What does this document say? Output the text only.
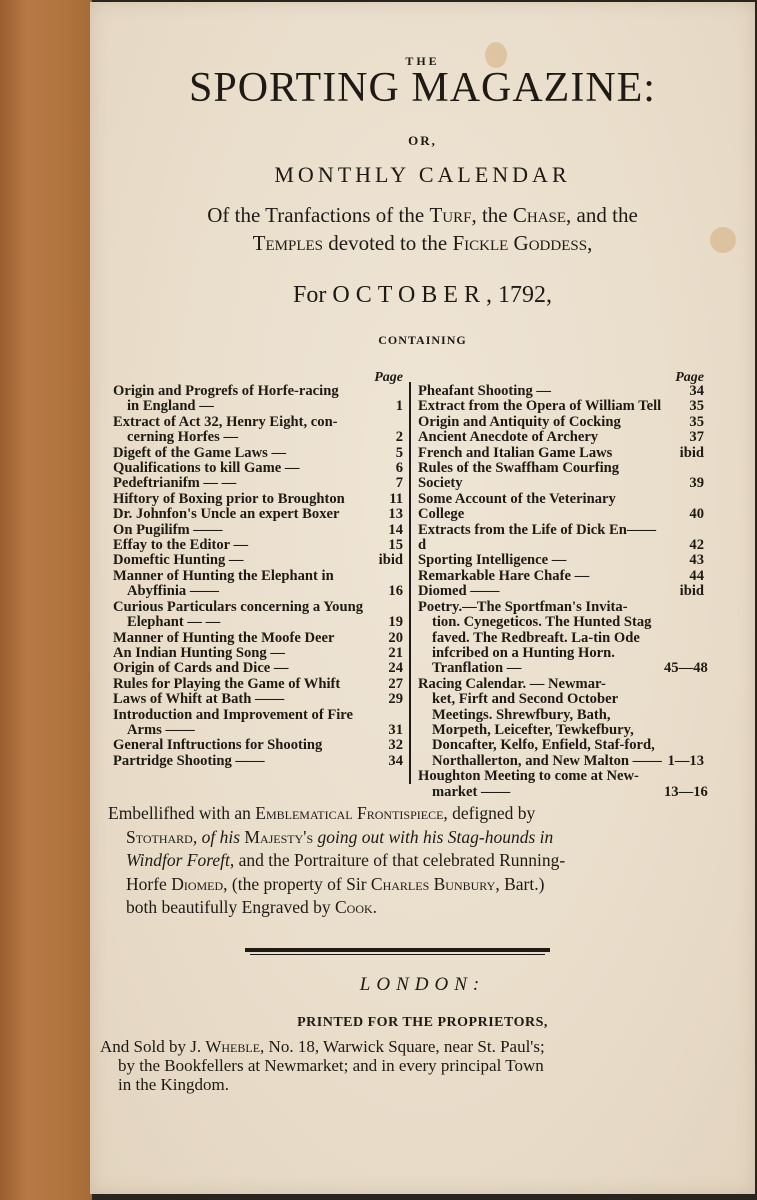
THE
SPORTING MAGAZINE:
OR,
MONTHLY CALENDAR
Of the Tranfactions of the Turf, the Chase, and the
Temples devoted to the Fickle Goddess,
For OCTOBER, 1792,
CONTAINING
Page
Origin and Progrefs of Horfe-racing
in England —	1
Extract of Act 32, Henry Eight, con-
cerning Horfes —	2
Digeft of the Game Laws —	5
Qualifications to kill Game —	6
Pedeftrianifm — —	7
Hiftory of Boxing prior to Broughton	11
Dr. Johnfon's Uncle an expert Boxer	13
On Pugilifm ——	14
Effay to the Editor —	15
Domeftic Hunting —	ibid
Manner of Hunting the Elephant in
Abyffinia ——	16
Curious Particulars concerning a Young
Elephant — —	19
Manner of Hunting the Moofe Deer	20
An Indian Hunting Song —	21
Origin of Cards and Dice —	24
Rules for Playing the Game of Whift	27
Laws of Whift at Bath ——	29
Introduction and Improvement of Fire
Arms ——	31
General Inftructions for Shooting	32
Partridge Shooting ——	34
Page
Pheafant Shooting —	34
Extract from the Opera of William Tell	35
Origin and Antiquity of Cocking	35
Ancient Anecdote of Archery	37
French and Italian Game Laws	ibid
Rules of the Swaffham Courfing Society	39
Some Account of the Veterinary College	40
Extracts from the Life of Dick En——d	42
Sporting Intelligence —	43
Remarkable Hare Chafe —	44
Diomed ——	ibid
Poetry.—The Sportfman's Invita-
tion. Cynegeticos. The Hunted Stag faved. The Redbreaft. La-tin Ode infcribed on a Hunting Horn. Tranflation —	45—48
Racing Calendar. — Newmar-
ket, Firft and Second October Meetings. Shrewfbury, Bath, Morpeth, Leicefter, Tewkefbury, Doncafter, Kelfo, Enfield, Staf-ford, Northallerton, and New Malton —— 1—13
Houghton Meeting to come at New-
market ——	13—16

Embellifhed with an Emblematical Frontispiece, defigned by

Stothard, of his Majesty's going out with his Stag-hounds in

Windfor Foreft, and the Portraiture of that celebrated Running-

Horfe Diomed, (the property of Sir Charles Bunbury, Bart.)

both beautifully Engraved by Cook.

LONDON:
PRINTED FOR THE PROPRIETORS,

And Sold by J. Wheble, No. 18, Warwick Square, near St. Paul's;

by the Bookfellers at Newmarket; and in every principal Town

in the Kingdom.
